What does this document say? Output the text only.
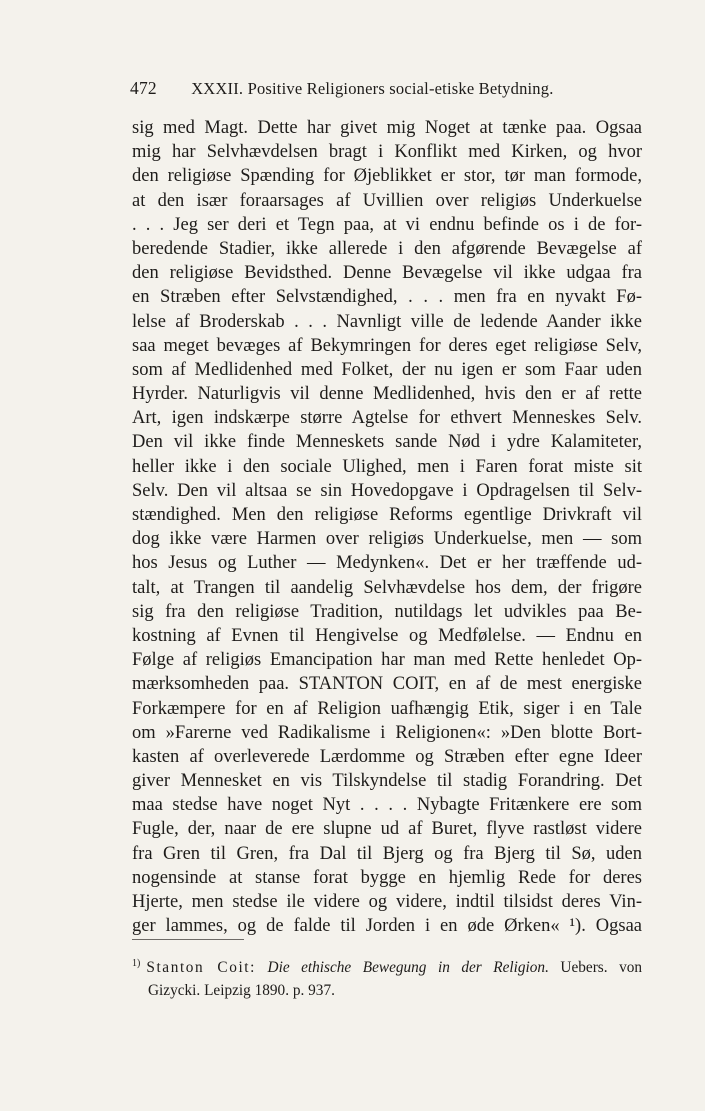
472 XXXII. Positive Religioners social-etiske Betydning.
sig med Magt. Dette har givet mig Noget at tænke paa. Ogsaa
mig har Selvhævdelsen bragt i Konflikt med Kirken, og hvor
den religiøse Spænding for Øjeblikket er stor, tør man formode,
at den især foraarsages af Uvillien over religiøs Underkuelse
. . . Jeg ser deri et Tegn paa, at vi endnu befinde os i de for-
beredende Stadier, ikke allerede i den afgørende Bevægelse af
den religiøse Bevidsthed. Denne Bevægelse vil ikke udgaa fra
en Stræben efter Selvstændighed, . . . men fra en nyvakt Fø-
lelse af Broderskab . . . Navnligt ville de ledende Aander ikke
saa meget bevæges af Bekymringen for deres eget religiøse Selv,
som af Medlidenhed med Folket, der nu igen er som Faar uden
Hyrder. Naturligvis vil denne Medlidenhed, hvis den er af rette
Art, igen indskærpe større Agtelse for ethvert Menneskes Selv.
Den vil ikke finde Menneskets sande Nød i ydre Kalamiteter,
heller ikke i den sociale Ulighed, men i Faren forat miste sit
Selv. Den vil altsaa se sin Hovedopgave i Opdragelsen til Selv-
stændighed. Men den religiøse Reforms egentlige Drivkraft vil
dog ikke være Harmen over religiøs Underkuelse, men — som
hos Jesus og Luther — Medynken«. Det er her træffende ud-
talt, at Trangen til aandelig Selvhævdelse hos dem, der frigøre
sig fra den religiøse Tradition, nutildags let udvikles paa Be-
kostning af Evnen til Hengivelse og Medfølelse. — Endnu en
Følge af religiøs Emancipation har man med Rette henledet Op-
mærksomheden paa. STANTON COIT, en af de mest energiske
Forkæmpere for en af Religion uafhængig Etik, siger i en Tale
om »Farerne ved Radikalisme i Religionen«: »Den blotte Bort-
kasten af overleverede Lærdomme og Stræben efter egne Ideer
giver Mennesket en vis Tilskyndelse til stadig Forandring. Det
maa stedse have noget Nyt . . . . Nybagte Fritænkere ere som
Fugle, der, naar de ere slupne ud af Buret, flyve rastløst videre
fra Gren til Gren, fra Dal til Bjerg og fra Bjerg til Sø, uden
nogensinde at stanse forat bygge en hjemlig Rede for deres
Hjerte, men stedse ile videre og videre, indtil tilsidst deres Vin-
ger lammes, og de falde til Jorden i en øde Ørken« ¹). Ogsaa
$^{1)}$ Stanton Coit: Die ethische Bewegung in der Religion. Uebers. von
Gizycki. Leipzig 1890. p. 937.
